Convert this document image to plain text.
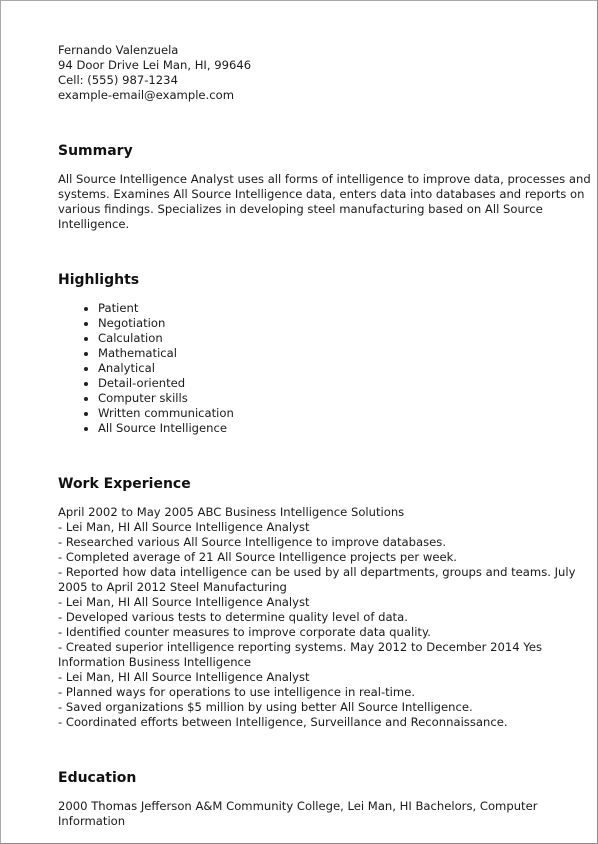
Fernando Valenzuela
94 Door Drive Lei Man, HI, 99646
Cell: (555) 987-1234
example-email@example.com
Summary

All Source Intelligence Analyst uses all forms of intelligence to improve data, processes and systems. Examines All Source Intelligence data, enters data into databases and reports on various findings. Specializes in developing steel manufacturing based on All Source Intelligence.

Highlights
Patient
Negotiation
Calculation
Mathematical
Analytical
Detail-oriented
Computer skills
Written communication
All Source Intelligence
Work Experience
April 2002 to May 2005 ABC Business Intelligence Solutions
- Lei Man, HI All Source Intelligence Analyst
- Researched various All Source Intelligence to improve databases.
- Completed average of 21 All Source Intelligence projects per week.
- Reported how data intelligence can be used by all departments, groups and teams. July 2005 to April 2012 Steel Manufacturing
- Lei Man, HI All Source Intelligence Analyst
- Developed various tests to determine quality level of data.
- Identified counter measures to improve corporate data quality.
- Created superior intelligence reporting systems. May 2012 to December 2014 Yes Information Business Intelligence
- Lei Man, HI All Source Intelligence Analyst
- Planned ways for operations to use intelligence in real-time.
- Saved organizations $5 million by using better All Source Intelligence.
- Coordinated efforts between Intelligence, Surveillance and Reconnaissance.
Education

2000 Thomas Jefferson A&M Community College, Lei Man, HI Bachelors, Computer Information
